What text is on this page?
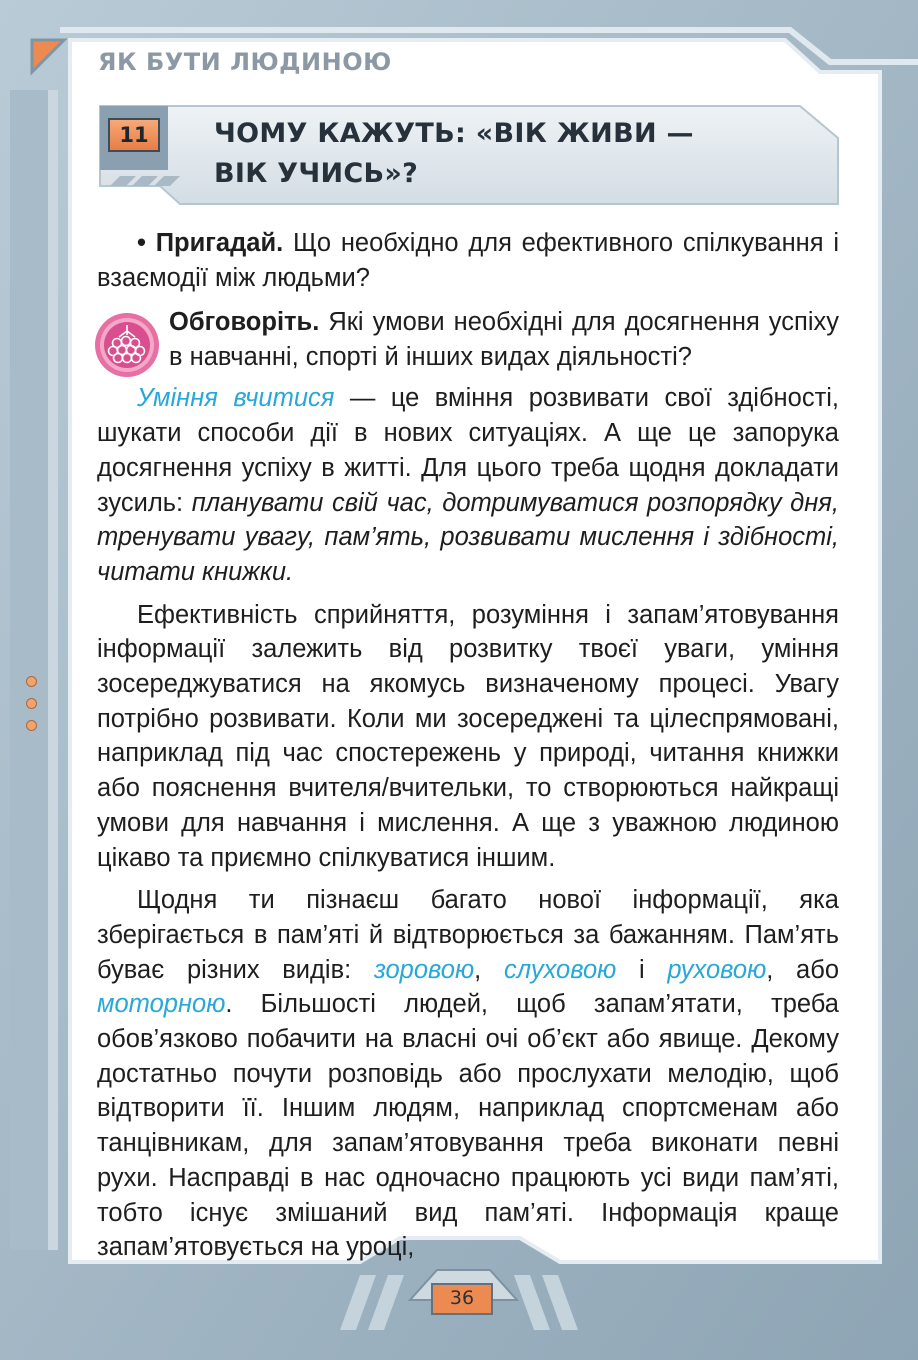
ЯК БУТИ ЛЮДИНОЮ
11	ЧОМУ КАЖУТЬ: «ВІК ЖИВИ —
ВІК УЧИСЬ»?

• Пригадай. Що необхідно для ефективного спілкування і взаємодії між людьми?

Обговоріть. Які умови необхідні для досягнення успіху в навчанні, спорті й інших видах діяльності?

Уміння вчитися — це вміння розвивати свої здібності, шукати способи дії в нових ситуаціях. А ще це запорука досягнення успіху в житті. Для цього треба щодня докладати зусиль: планувати свій час, дотримуватися розпорядку дня, тренувати увагу, пам’ять, розвивати мислення і здібності, читати книжки.

Ефективність сприйняття, розуміння і запам’ятовування інформації залежить від розвитку твоєї уваги, уміння зосереджуватися на якомусь визначеному процесі. Увагу потрібно розвивати. Коли ми зосереджені та цілеспрямовані, наприклад під час спостережень у природі, читання книжки або пояснення вчителя/вчительки, то створюються найкращі умови для навчання і мислення. А ще з уважною людиною цікаво та приємно спілкуватися іншим.

Щодня ти пізнаєш багато нової інформації, яка зберігається в пам’яті й відтворюється за бажанням. Пам’ять буває різних видів: зоровою, слуховою і руховою, або моторною. Більшості людей, щоб запам’ятати, треба обов’язково побачити на власні очі об’єкт або явище. Декому достатньо почути розповідь або прослухати мелодію, щоб відтворити її. Іншим людям, наприклад спортсменам або танцівникам, для запам’ятовування треба виконати певні рухи. Насправді в нас одночасно працюють усі види пам’яті, тобто існує змішаний вид пам’яті. Інформація краще запам’ятовується на уроці,

36
